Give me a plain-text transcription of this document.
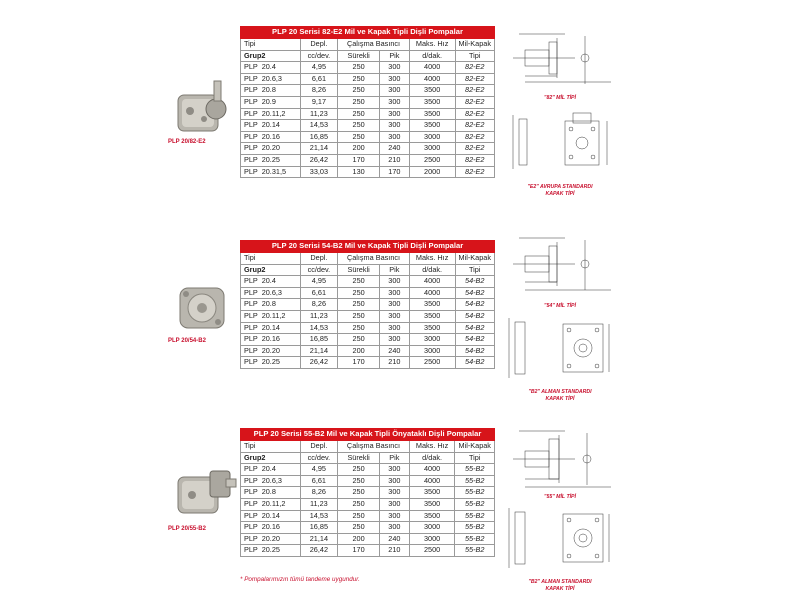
PLP 20/82-E2
PLP 20 Serisi 82-E2 Mil ve Kapak Tipli Dişli Pompalar					
Tipi	Depl.	Çalışma Basıncı		Maks. Hız	Mil-Kapak
Grup2	cc/dev.	Sürekli	Pik	d/dak.	Tipi
PLP 20.4	4,95	250	300	4000	82-E2
PLP 20.6,3	6,61	250	300	4000	82-E2
PLP 20.8	8,26	250	300	3500	82-E2
PLP 20.9	9,17	250	300	3500	82-E2
PLP 20.11,2	11,23	250	300	3500	82-E2
PLP 20.14	14,53	250	300	3500	82-E2
PLP 20.16	16,85	250	300	3000	82-E2
PLP 20.20	21,14	200	240	3000	82-E2
PLP 20.25	26,42	170	210	2500	82-E2
PLP 20.31,5	33,03	130	170	2000	82-E2
"82" MİL TİPİ
"E2" AVRUPA STANDARDI
KAPAK TİPİ
PLP 20/54-B2
PLP 20 Serisi 54-B2 Mil ve Kapak Tipli Dişli Pompalar					
Tipi	Depl.	Çalışma Basıncı		Maks. Hız	Mil-Kapak
Grup2	cc/dev.	Sürekli	Pik	d/dak.	Tipi
PLP 20.4	4,95	250	300	4000	54-B2
PLP 20.6,3	6,61	250	300	4000	54-B2
PLP 20.8	8,26	250	300	3500	54-B2
PLP 20.11,2	11,23	250	300	3500	54-B2
PLP 20.14	14,53	250	300	3500	54-B2
PLP 20.16	16,85	250	300	3000	54-B2
PLP 20.20	21,14	200	240	3000	54-B2
PLP 20.25	26,42	170	210	2500	54-B2
"54" MİL TİPİ
"B2" ALMAN STANDARDI
KAPAK TİPİ
PLP 20/55-B2
PLP 20 Serisi 55-B2 Mil ve Kapak Tipli Önyataklı Dişli Pompalar					
Tipi	Depl.	Çalışma Basıncı		Maks. Hız	Mil-Kapak
Grup2	cc/dev.	Sürekli	Pik	d/dak.	Tipi
PLP 20.4	4,95	250	300	4000	55-B2
PLP 20.6,3	6,61	250	300	4000	55-B2
PLP 20.8	8,26	250	300	3500	55-B2
PLP 20.11,2	11,23	250	300	3500	55-B2
PLP 20.14	14,53	250	300	3500	55-B2
PLP 20.16	16,85	250	300	3000	55-B2
PLP 20.20	21,14	200	240	3000	55-B2
PLP 20.25	26,42	170	210	2500	55-B2
"55" MİL TİPİ
"B2" ALMAN STANDARDI
KAPAK TİPİ
* Pompalarımızın tümü tandeme uygundur.
